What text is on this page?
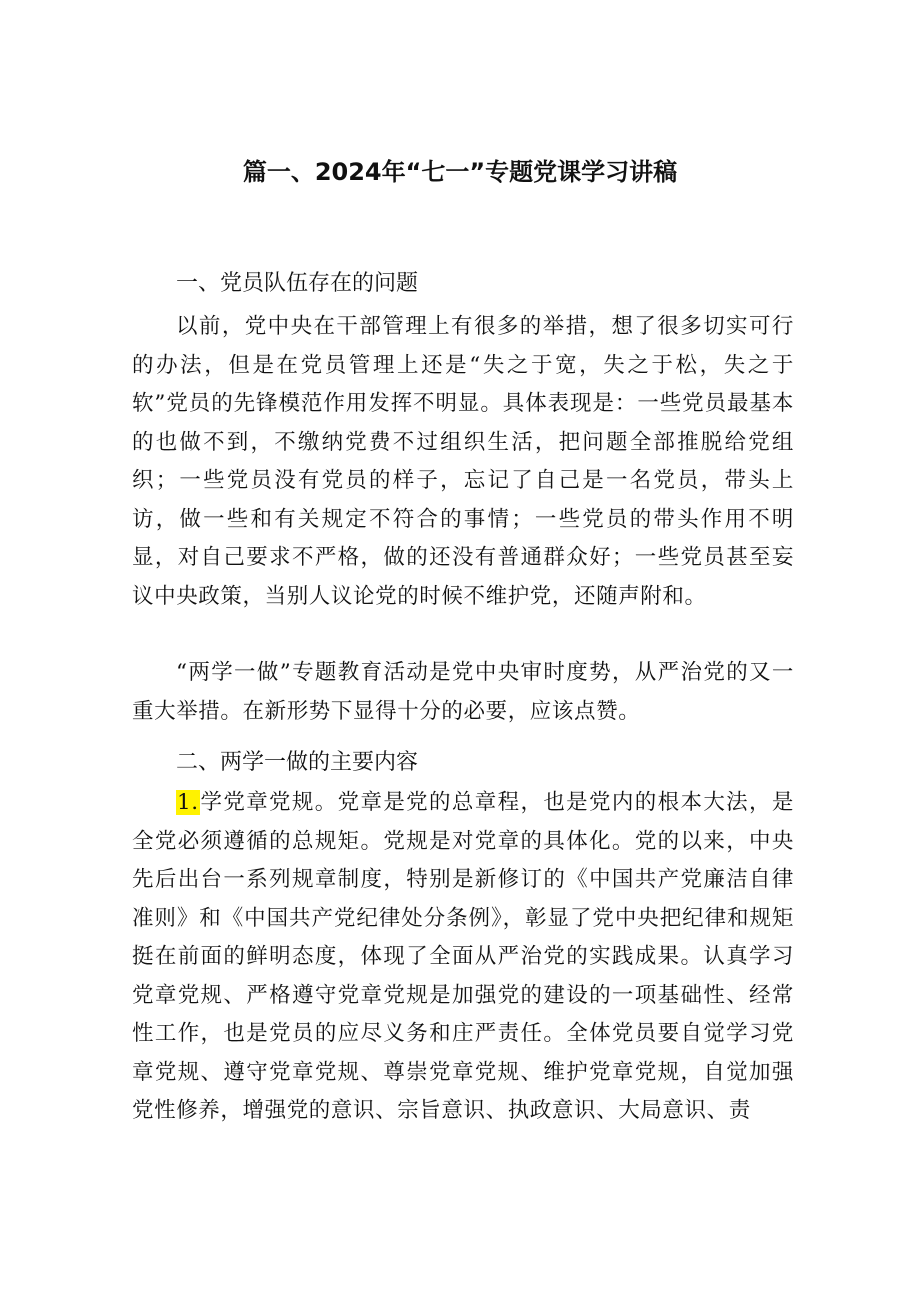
篇一、2024年“七一”专题党课学习讲稿
一、党员队伍存在的问题
以前，党中央在干部管理上有很多的举措，想了很多切实可行的办法，但是在党员管理上还是“失之于宽，失之于松，失之于软”党员的先锋模范作用发挥不明显。具体表现是：一些党员最基本的也做不到，不缴纳党费不过组织生活，把问题全部推脱给党组织；一些党员没有党员的样子，忘记了自己是一名党员，带头上访，做一些和有关规定不符合的事情；一些党员的带头作用不明显，对自己要求不严格，做的还没有普通群众好；一些党员甚至妄议中央政策，当别人议论党的时候不维护党，还随声附和。
“两学一做”专题教育活动是党中央审时度势，从严治党的又一重大举措。在新形势下显得十分的必要，应该点赞。
二、两学一做的主要内容
1.学党章党规。党章是党的总章程，也是党内的根本大法，是全党必须遵循的总规矩。党规是对党章的具体化。党的以来，中央先后出台一系列规章制度，特别是新修订的《中国共产党廉洁自律准则》和《中国共产党纪律处分条例》，彰显了党中央把纪律和规矩挺在前面的鲜明态度，体现了全面从严治党的实践成果。认真学习党章党规、严格遵守党章党规是加强党的建设的一项基础性、经常性工作，也是党员的应尽义务和庄严责任。全体党员要自觉学习党章党规、遵守党章党规、尊崇党章党规、维护党章党规，自觉加强党性修养，增强党的意识、宗旨意识、执政意识、大局意识、责
